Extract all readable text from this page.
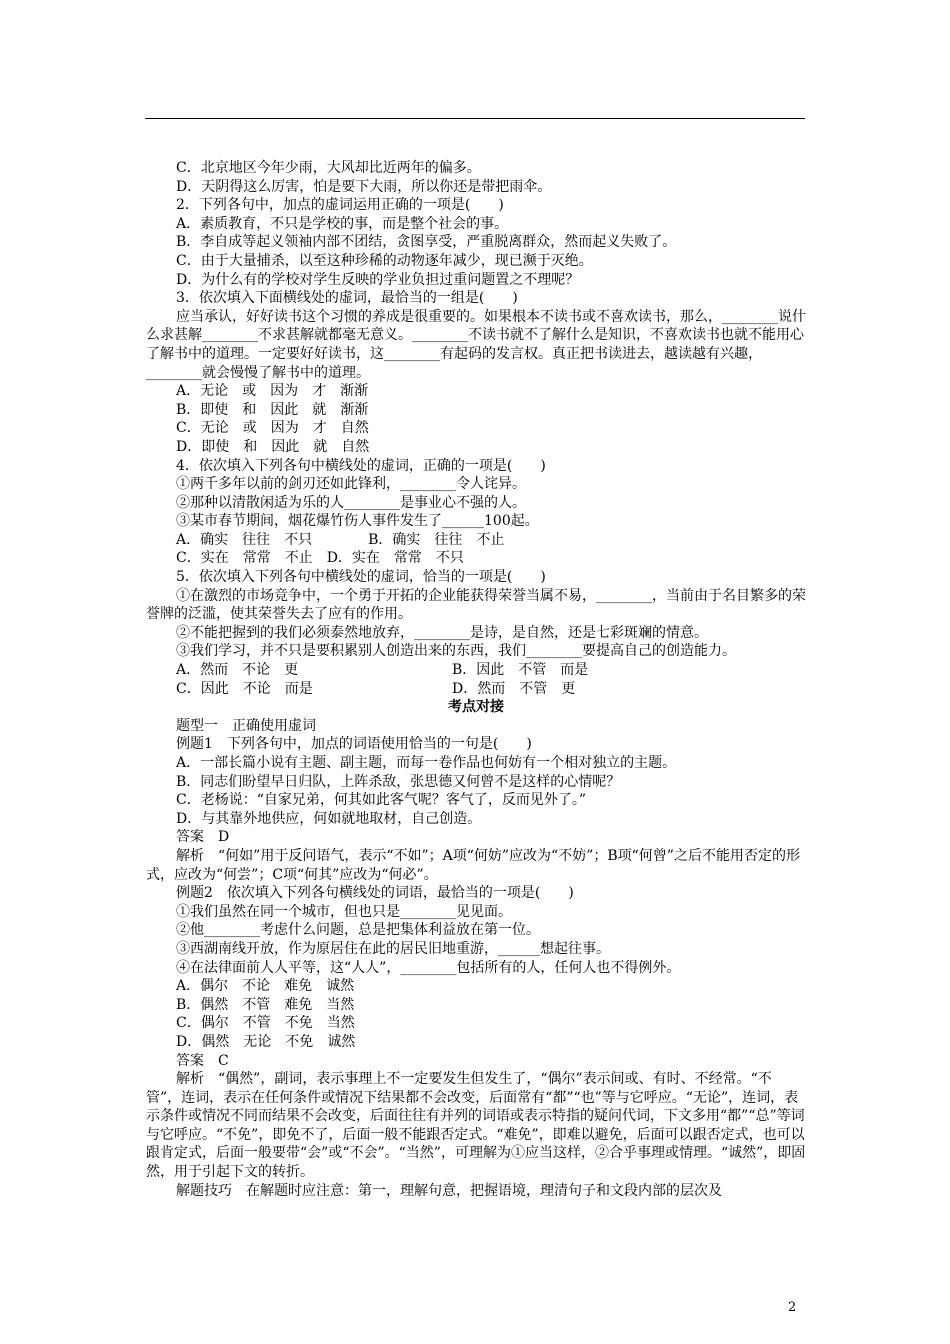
C．北京地区今年少雨，大风却比近两年的偏多。
D．天阴得这么厉害，怕是要下大雨，所以你还是带把雨伞。
2．下列各句中，加点的虚词运用正确的一项是(　　)
A．素质教育，不只是学校的事，而是整个社会的事。
B．李自成等起义领袖内部不团结，贪图享受，严重脱离群众，然而起义失败了。
C．由于大量捕杀，以至这种珍稀的动物逐年减少，现已濒于灭绝。
D．为什么有的学校对学生反映的学业负担过重问题置之不理呢？
3．依次填入下面横线处的虚词，最恰当的一组是(　　)
应当承认，好好读书这个习惯的养成是很重要的。如果根本不读书或不喜欢读书，那么，________说什么求甚解________不求甚解就都毫无意义。________不读书就不了解什么是知识，不喜欢读书也就不能用心了解书中的道理。一定要好好读书，这________有起码的发言权。真正把书读进去，越读越有兴趣，________就会慢慢了解书中的道理。
A．无论　或　因为　才　渐渐
B．即使　和　因此　就　渐渐
C．无论　或　因为　才　自然
D．即使　和　因此　就　自然
4．依次填入下列各句中横线处的虚词，正确的一项是(　　)
①两千多年以前的剑刃还如此锋利，________令人诧异。
②那种以清散闲适为乐的人________是事业心不强的人。
③某市春节期间，烟花爆竹伤人事件发生了______100起。
A．确实　往往　不只　　　　B．确实　往往　不止
C．实在　常常　不止　D．实在　常常　不只
5．依次填入下列各句中横线处的虚词，恰当的一项是(　　)
①在激烈的市场竞争中，一个勇于开拓的企业能获得荣誉当属不易，________，当前由于名目繁多的荣誉牌的泛滥，使其荣誉失去了应有的作用。
②不能把握到的我们必须泰然地放弃，________是诗，是自然，还是七彩斑斓的情意。
③我们学习，并不只是要积累别人创造出来的东西，我们________要提高自己的创造能力。
A．然而　不论　更	B．因此　不管　而是
C．因此　不论　而是	D．然而　不管　更
考点对接
题型一　正确使用虚词
例题1　下列各句中，加点的词语使用恰当的一句是(　　)
A．一部长篇小说有主题、副主题，而每一卷作品也何妨有一个相对独立的主题。
B．同志们盼望早日归队，上阵杀敌，张思德又何曾不是这样的心情呢？
C．老杨说：“自家兄弟，何其如此客气呢？客气了，反而见外了。”
D．与其靠外地供应，何如就地取材，自己创造。
答案　D
解析　“何如”用于反问语气，表示“不如”；A项“何妨”应改为“不妨”；B项“何曾”之后不能用否定的形式，应改为“何尝”；C项“何其”应改为“何必”。
例题2　依次填入下列各句横线处的词语，最恰当的一项是(　　)
①我们虽然在同一个城市，但也只是________见见面。
②他________考虑什么问题，总是把集体利益放在第一位。
③西湖南线开放，作为原居住在此的居民旧地重游，______想起往事。
④在法律面前人人平等，这“人人”，________包括所有的人，任何人也不得例外。
A．偶尔　不论　难免　诚然
B．偶然　不管　难免　当然
C．偶尔　不管　不免　当然
D．偶然　无论　不免　诚然
答案　C
解析　“偶然”，副词，表示事理上不一定要发生但发生了，“偶尔”表示间或、有时、不经常。“不管”，连词，表示在任何条件或情况下结果都不会改变，后面常有“都”“也”等与它呼应。“无论”，连词，表示条件或情况不同而结果不会改变，后面往往有并列的词语或表示特指的疑问代词，下文多用“都”“总”等词与它呼应。“不免”，即免不了，后面一般不能跟否定式。“难免”，即难以避免，后面可以跟否定式，也可以跟肯定式，后面一般要带“会”或“不会”。“当然”，可理解为①应当这样，②合乎事理或情理。“诚然”，即固然，用于引起下文的转折。
解题技巧　在解题时应注意：第一，理解句意，把握语境，理清句子和文段内部的层次及
2
